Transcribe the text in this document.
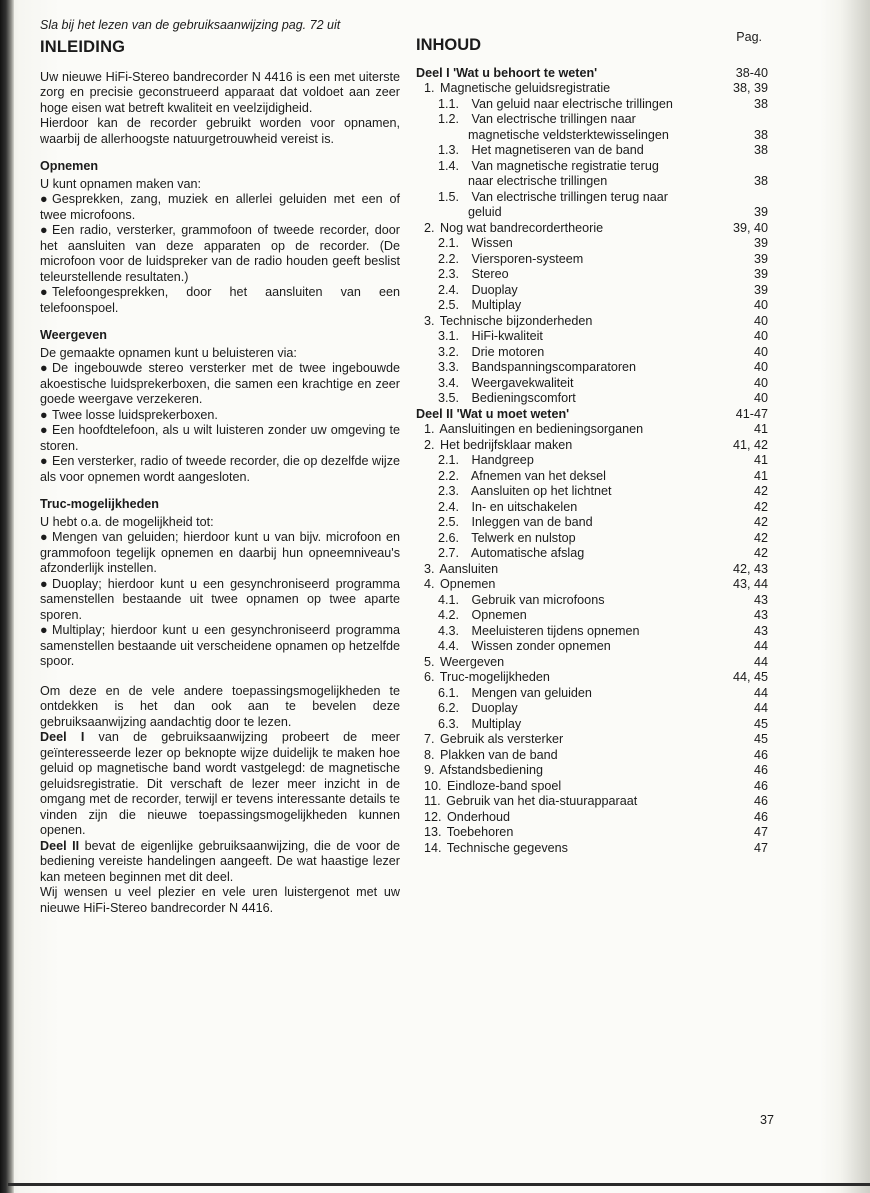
Sla bij het lezen van de gebruiksaanwijzing pag. 72 uit
INLEIDING

Uw nieuwe HiFi-Stereo bandrecorder N 4416 is een met uiterste zorg en precisie geconstrueerd apparaat dat voldoet aan zeer hoge eisen wat betreft kwaliteit en veelzijdigheid.

Hierdoor kan de recorder gebruikt worden voor opnamen, waarbij de allerhoogste natuurgetrouwheid vereist is.

Opnemen

U kunt opnamen maken van:

● Gesprekken, zang, muziek en allerlei geluiden met een of twee microfoons.
● Een radio, versterker, grammofoon of tweede recorder, door het aansluiten van deze apparaten op de recorder. (De microfoon voor de luidspreker van de radio houden geeft beslist teleurstellende resultaten.)
● Telefoongesprekken, door het aansluiten van een telefoonspoel.
Weergeven

De gemaakte opnamen kunt u beluisteren via:

● De ingebouwde stereo versterker met de twee ingebouwde akoestische luidsprekerboxen, die samen een krachtige en zeer goede weergave verzekeren.
● Twee losse luidsprekerboxen.
● Een hoofdtelefoon, als u wilt luisteren zonder uw omgeving te storen.
● Een versterker, radio of tweede recorder, die op dezelfde wijze als voor opnemen wordt aangesloten.
Truc-mogelijkheden

U hebt o.a. de mogelijkheid tot:

● Mengen van geluiden; hierdoor kunt u van bijv. microfoon en grammofoon tegelijk opnemen en daarbij hun opneemniveau's afzonderlijk instellen.
● Duoplay; hierdoor kunt u een gesynchroniseerd programma samenstellen bestaande uit twee opnamen op twee aparte sporen.
● Multiplay; hierdoor kunt u een gesynchroniseerd programma samenstellen bestaande uit verscheidene opnamen op hetzelfde spoor.

Om deze en de vele andere toepassingsmogelijkheden te ontdekken is het dan ook aan te bevelen deze gebruiksaanwijzing aandachtig door te lezen.

Deel I van de gebruiksaanwijzing probeert de meer geïnteresseerde lezer op beknopte wijze duidelijk te maken hoe geluid op magnetische band wordt vastgelegd: de magnetische geluidsregistratie. Dit verschaft de lezer meer inzicht in de omgang met de recorder, terwijl er tevens interessante details te vinden zijn die nieuwe toepassingsmogelijkheden kunnen openen.

Deel II bevat de eigenlijke gebruiksaanwijzing, die de voor de bediening vereiste handelingen aangeeft. De wat haastige lezer kan meteen beginnen met dit deel.

Wij wensen u veel plezier en vele uren luistergenot met uw nieuwe HiFi-Stereo bandrecorder N 4416.

INHOUD	Pag.
Deel I 'Wat u behoort te weten'	38-40
1. Magnetische geluidsregistratie	38, 39
1.1. Van geluid naar electrische trillingen	38
1.2. Van electrische trillingen naar
magnetische veldsterktewisselingen	38
1.3. Het magnetiseren van de band	38
1.4. Van magnetische registratie terug
naar electrische trillingen	38
1.5. Van electrische trillingen terug naar
geluid	39
2. Nog wat bandrecordertheorie	39, 40
2.1. Wissen	39
2.2. Viersporen-systeem	39
2.3. Stereo	39
2.4. Duoplay	39
2.5. Multiplay	40
3. Technische bijzonderheden	40
3.1. HiFi-kwaliteit	40
3.2. Drie motoren	40
3.3. Bandspanningscomparatoren	40
3.4. Weergavekwaliteit	40
3.5. Bedieningscomfort	40
Deel II 'Wat u moet weten'	41-47
1. Aansluitingen en bedieningsorganen	41
2. Het bedrijfsklaar maken	41, 42
2.1. Handgreep	41
2.2. Afnemen van het deksel	41
2.3. Aansluiten op het lichtnet	42
2.4. In- en uitschakelen	42
2.5. Inleggen van de band	42
2.6. Telwerk en nulstop	42
2.7. Automatische afslag	42
3. Aansluiten	42, 43
4. Opnemen	43, 44
4.1. Gebruik van microfoons	43
4.2. Opnemen	43
4.3. Meeluisteren tijdens opnemen	43
4.4. Wissen zonder opnemen	44
5. Weergeven	44
6. Truc-mogelijkheden	44, 45
6.1. Mengen van geluiden	44
6.2. Duoplay	44
6.3. Multiplay	45
7. Gebruik als versterker	45
8. Plakken van de band	46
9. Afstandsbediening	46
10. Eindloze-band spoel	46
11. Gebruik van het dia-stuurapparaat	46
12. Onderhoud	46
13. Toebehoren	47
14. Technische gegevens	47
37
